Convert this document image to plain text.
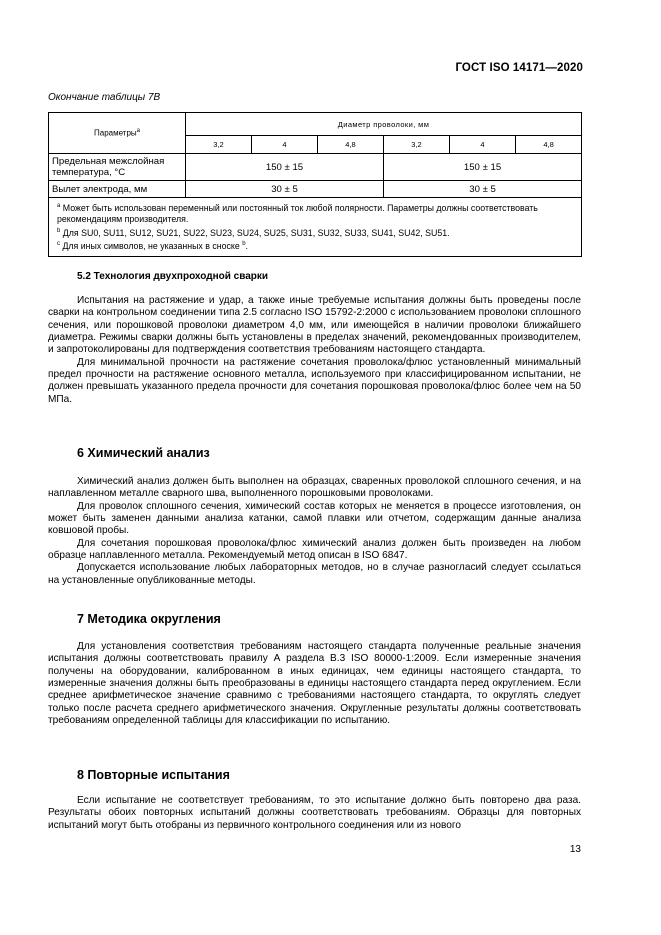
ГОСТ ISO 14171—2020
Окончание таблицы 7B
Параметры$^a$	Диаметр проволоки, мм					
	3,2	4	4,8	3,2	4	4,8
Предельная межслойная температура, °C	150 ± 15			150 ± 15		
Вылет электрода, мм	30 ± 5			30 ± 5		

$^a$ Может быть использован переменный или постоянный ток любой полярности. Параметры должны соответствовать рекомендациям производителя.
$^b$ Для SU0, SU11, SU12, SU21, SU22, SU23, SU24, SU25, SU31, SU32, SU33, SU41, SU42, SU51.
$^c$ Для иных символов, не указанных в сноске $^b$.						
5.2 Технология двухпроходной сварки

Испытания на растяжение и удар, а также иные требуемые испытания должны быть проведены после сварки на контрольном соединении типа 2.5 согласно ISO 15792-2:2000 с использованием проволоки сплошного сечения, или порошковой проволоки диаметром 4,0 мм, или имеющейся в наличии проволоки ближайшего диаметра. Режимы сварки должны быть установлены в пределах значений, рекомендованных производителем, и запротоколированы для подтверждения соответствия требованиям настоящего стандарта.

Для минимальной прочности на растяжение сочетания проволока/флюс установленный минимальный предел прочности на растяжение основного металла, используемого при классифицированном испытании, не должен превышать указанного предела прочности для сочетания порошковая проволока/флюс более чем на 50 МПа.

6 Химический анализ

Химический анализ должен быть выполнен на образцах, сваренных проволокой сплошного сечения, и на наплавленном металле сварного шва, выполненного порошковыми проволоками.

Для проволок сплошного сечения, химический состав которых не меняется в процессе изготовления, он может быть заменен данными анализа катанки, самой плавки или отчетом, содержащим данные анализа ковшовой пробы.

Для сочетания порошковая проволока/флюс химический анализ должен быть произведен на любом образце наплавленного металла. Рекомендуемый метод описан в ISO 6847.

Допускается использование любых лабораторных методов, но в случае разногласий следует ссылаться на установленные опубликованные методы.

7 Методика округления

Для установления соответствия требованиям настоящего стандарта полученные реальные значения испытания должны соответствовать правилу А раздела B.3 ISO 80000-1:2009. Если измеренные значения получены на оборудовании, калиброванном в иных единицах, чем единицы настоящего стандарта, то измеренные значения должны быть преобразованы в единицы настоящего стандарта перед округлением. Если среднее арифметическое значение сравнимо с требованиями настоящего стандарта, то округлять следует только после расчета среднего арифметического значения. Округленные результаты должны соответствовать требованиям определенной таблицы для классификации по испытанию.

8 Повторные испытания

Если испытание не соответствует требованиям, то это испытание должно быть повторено два раза. Результаты обоих повторных испытаний должны соответствовать требованиям. Образцы для повторных испытаний могут быть отобраны из первичного контрольного соединения или из нового

13
